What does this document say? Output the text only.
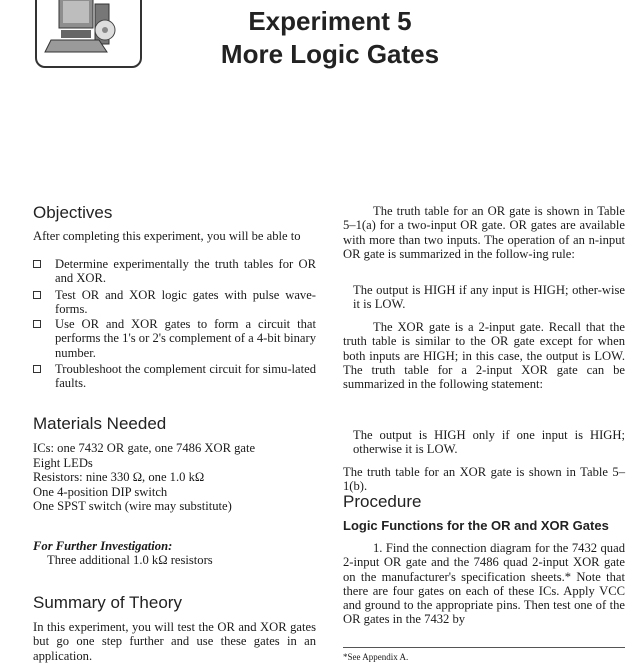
Experiment 5
More Logic Gates
Objectives
After completing this experiment, you will be able to
Determine experimentally the truth tables for OR and XOR.
Test OR and XOR logic gates with pulse wave-forms.
Use OR and XOR gates to form a circuit that performs the 1's or 2's complement of a 4-bit binary number.
Troubleshoot the complement circuit for simu-lated faults.
Materials Needed
ICs: one 7432 OR gate, one 7486 XOR gate
Eight LEDs
Resistors: nine 330 Ω, one 1.0 kΩ
One 4-position DIP switch
One SPST switch (wire may substitute)
For Further Investigation:
Three additional 1.0 kΩ resistors
Summary of Theory
In this experiment, you will test the OR and XOR gates but go one step further and use these gates in an application.
The truth table for an OR gate is shown in Table 5–1(a) for a two-input OR gate. OR gates are available with more than two inputs. The operation of an n-input OR gate is summarized in the follow-ing rule:
The output is HIGH if any input is HIGH; other-wise it is LOW.
The XOR gate is a 2-input gate. Recall that the truth table is similar to the OR gate except for when both inputs are HIGH; in this case, the output is LOW. The truth table for a 2-input XOR gate can be summarized in the following statement:
The output is HIGH only if one input is HIGH; otherwise it is LOW.
The truth table for an XOR gate is shown in Table 5–1(b).
Procedure
Logic Functions for the OR and XOR Gates
1. Find the connection diagram for the 7432 quad 2-input OR gate and the 7486 quad 2-input XOR gate on the manufacturer's specification sheets.* Note that there are four gates on each of these ICs. Apply VCC and ground to the appropriate pins. Then test one of the OR gates in the 7432 by
*See Appendix A.
